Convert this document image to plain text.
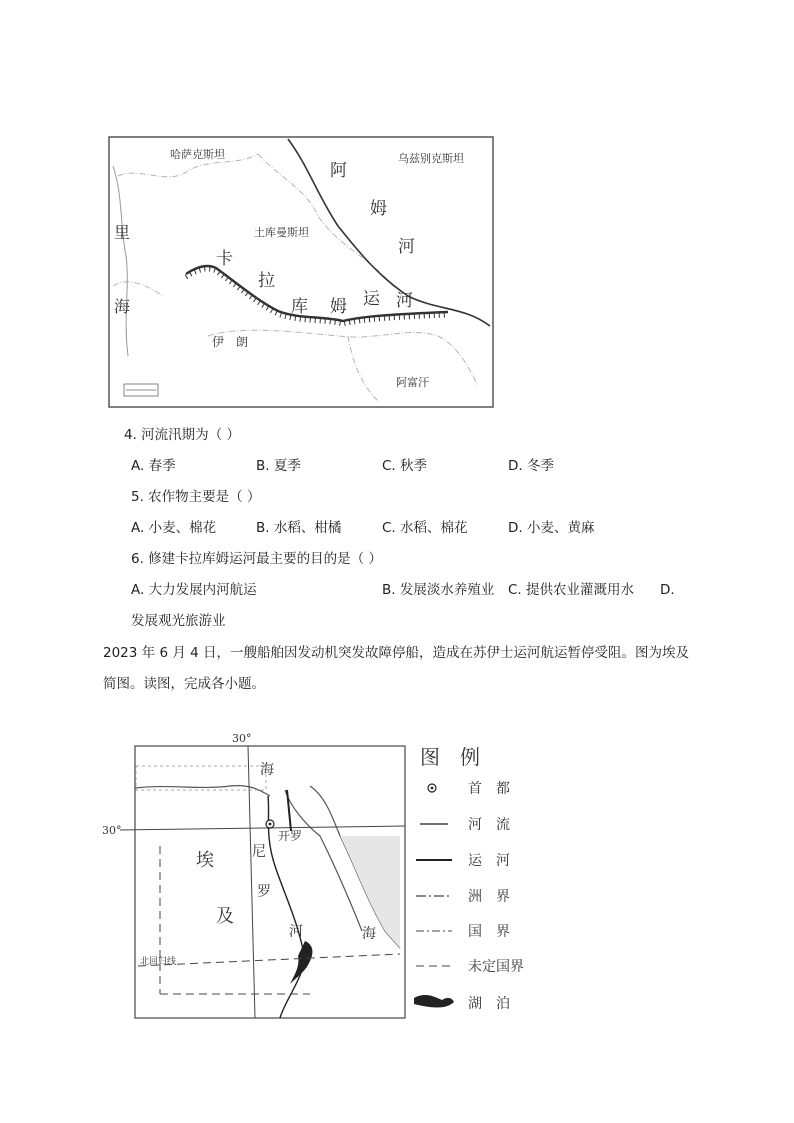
哈萨克斯坦	乌兹别克斯坦
土库曼斯坦
伊　朗
阿富汗
里
海
阿
姆
河
卡
拉
库 姆 运 河
4. 河流汛期为（ ）
A. 春季	B. 夏季	C. 秋季	D. 冬季
5. 农作物主要是（ ）
A. 小麦、棉花	B. 水稻、柑橘	C. 水稻、棉花	D. 小麦、黄麻
6. 修建卡拉库姆运河最主要的目的是（ ）
A. 大力发展内河航运	B. 发展淡水养殖业 C. 提供农业灌溉用水 D.
发展观光旅游业
2023 年 6 月 4 日，一艘船舶因发动机突发故障停船，造成在苏伊士运河航运暂停受阻。图为埃及
简图。读图，完成各小题。
30°
30°
北回归线
海
海
开罗
埃
及
尼
罗
河
图　例
首　都
河　流
运　河
洲　界
国　界
未定国界
湖　泊
